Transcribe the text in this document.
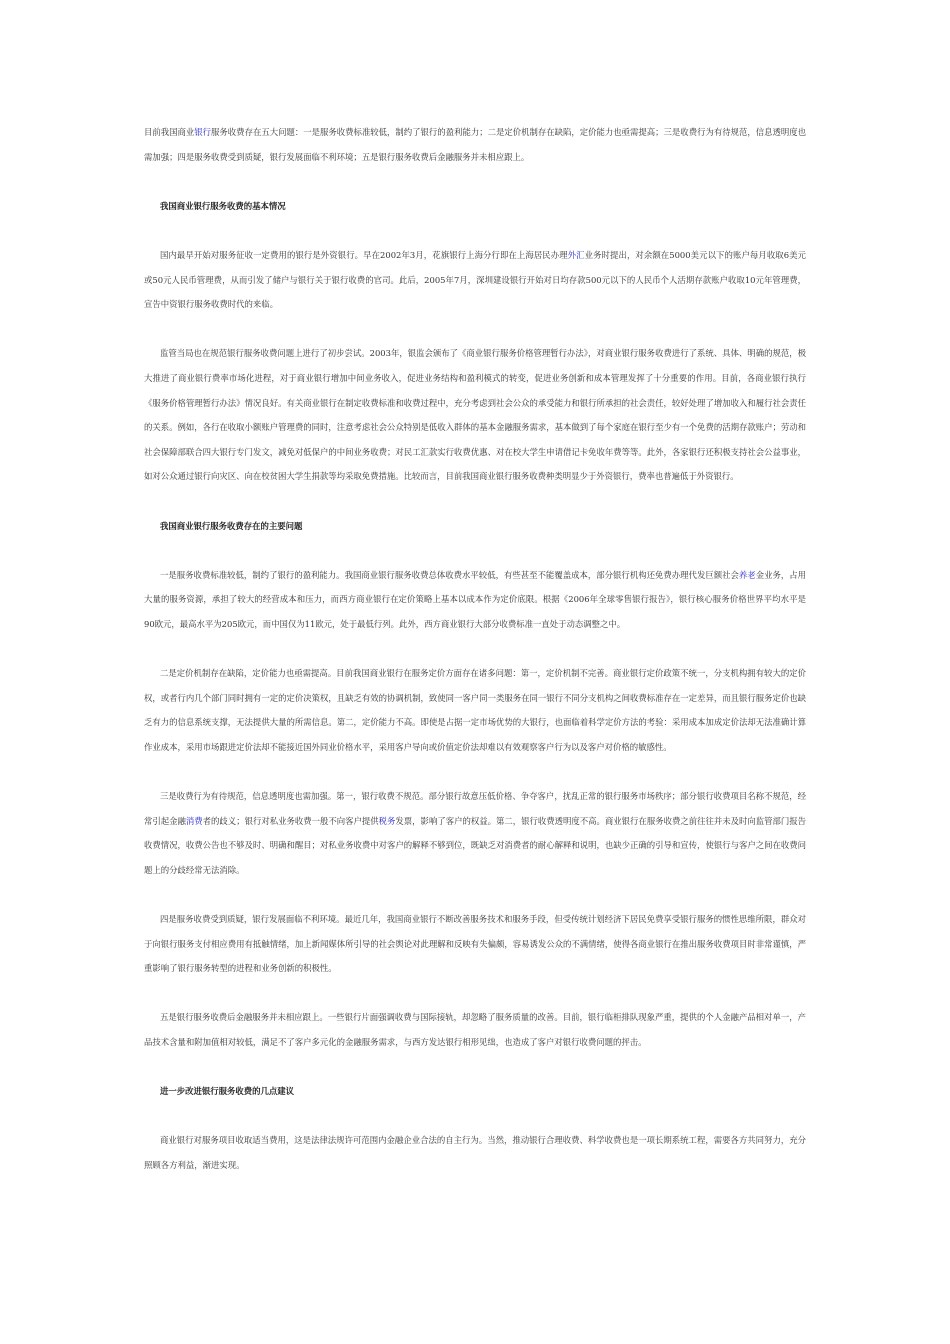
目前我国商业银行服务收费存在五大问题：一是服务收费标准较低，制约了银行的盈利能力；二是定价机制存在缺陷，定价能力也亟需提高；三是收费行为有待规范，信息透明度也需加强；四是服务收费受到质疑，银行发展面临不利环境；五是银行服务收费后金融服务并未相应跟上。

我国商业银行服务收费的基本情况

国内最早开始对服务征收一定费用的银行是外资银行。早在2002年3月，花旗银行上海分行即在上海居民办理外汇业务时提出，对余额在5000美元以下的账户每月收取6美元或50元人民币管理费，从而引发了储户与银行关于银行收费的官司。此后，2005年7月，深圳建设银行开始对日均存款500元以下的人民币个人活期存款账户收取10元年管理费，宣告中资银行服务收费时代的来临。

监管当局也在规范银行服务收费问题上进行了初步尝试。2003年，银监会颁布了《商业银行服务价格管理暂行办法》，对商业银行服务收费进行了系统、具体、明确的规范，极大推进了商业银行费率市场化进程，对于商业银行增加中间业务收入，促进业务结构和盈利模式的转变，促进业务创新和成本管理发挥了十分重要的作用。目前，各商业银行执行《服务价格管理暂行办法》情况良好。有关商业银行在制定收费标准和收费过程中，充分考虑到社会公众的承受能力和银行所承担的社会责任，较好处理了增加收入和履行社会责任的关系。例如，各行在收取小额账户管理费的同时，注意考虑社会公众特别是低收入群体的基本金融服务需求，基本做到了每个家庭在银行至少有一个免费的活期存款账户；劳动和社会保障部联合四大银行专门发文，减免对低保户的中间业务收费；对民工汇款实行收费优惠、对在校大学生申请借记卡免收年费等等。此外，各家银行还积极支持社会公益事业，如对公众通过银行向灾区、向在校贫困大学生捐款等均采取免费措施。比较而言，目前我国商业银行服务收费种类明显少于外资银行，费率也普遍低于外资银行。

我国商业银行服务收费存在的主要问题

一是服务收费标准较低，制约了银行的盈利能力。我国商业银行服务收费总体收费水平较低，有些甚至不能覆盖成本，部分银行机构还免费办理代发巨额社会养老金业务，占用大量的服务资源，承担了较大的经营成本和压力，而西方商业银行在定价策略上基本以成本作为定价底限。根据《2006年全球零售银行报告》，银行核心服务价格世界平均水平是90欧元，最高水平为205欧元，而中国仅为11欧元，处于最低行列。此外，西方商业银行大部分收费标准一直处于动态调整之中。

二是定价机制存在缺陷，定价能力也亟需提高。目前我国商业银行在服务定价方面存在诸多问题：第一，定价机制不完善。商业银行定价政策不统一，分支机构拥有较大的定价权，或者行内几个部门同时拥有一定的定价决策权，且缺乏有效的协调机制，致使同一客户同一类服务在同一银行不同分支机构之间收费标准存在一定差异，而且银行服务定价也缺乏有力的信息系统支撑，无法提供大量的所需信息。第二，定价能力不高。即使是占据一定市场优势的大银行，也面临着科学定价方法的考验：采用成本加成定价法却无法准确计算作业成本，采用市场跟进定价法却不能接近国外同业价格水平，采用客户导向或价值定价法却难以有效观察客户行为以及客户对价格的敏感性。

三是收费行为有待规范，信息透明度也需加强。第一，银行收费不规范。部分银行故意压低价格、争夺客户，扰乱正常的银行服务市场秩序；部分银行收费项目名称不规范，经常引起金融消费者的歧义；银行对私业务收费一般不向客户提供税务发票，影响了客户的权益。第二，银行收费透明度不高。商业银行在服务收费之前往往并未及时向监管部门报告收费情况，收费公告也不够及时、明确和醒目；对私业务收费中对客户的解释不够到位，既缺乏对消费者的耐心解释和说明，也缺少正确的引导和宣传，使银行与客户之间在收费问题上的分歧经常无法消除。

四是服务收费受到质疑，银行发展面临不利环境。最近几年，我国商业银行不断改善服务技术和服务手段，但受传统计划经济下居民免费享受银行服务的惯性思维所限，群众对于向银行服务支付相应费用有抵触情绪，加上新闻媒体所引导的社会舆论对此理解和反映有失偏颇，容易诱发公众的不满情绪，使得各商业银行在推出服务收费项目时非常谨慎，严重影响了银行服务转型的进程和业务创新的积极性。

五是银行服务收费后金融服务并未相应跟上。一些银行片面强调收费与国际接轨，却忽略了服务质量的改善。目前，银行临柜排队现象严重，提供的个人金融产品相对单一，产品技术含量和附加值相对较低，满足不了客户多元化的金融服务需求，与西方发达银行相形见绌，也造成了客户对银行收费问题的抨击。

进一步改进银行服务收费的几点建议

商业银行对服务项目收取适当费用，这是法律法规许可范围内金融企业合法的自主行为。当然，推动银行合理收费、科学收费也是一项长期系统工程，需要各方共同努力，充分照顾各方利益，渐进实现。
